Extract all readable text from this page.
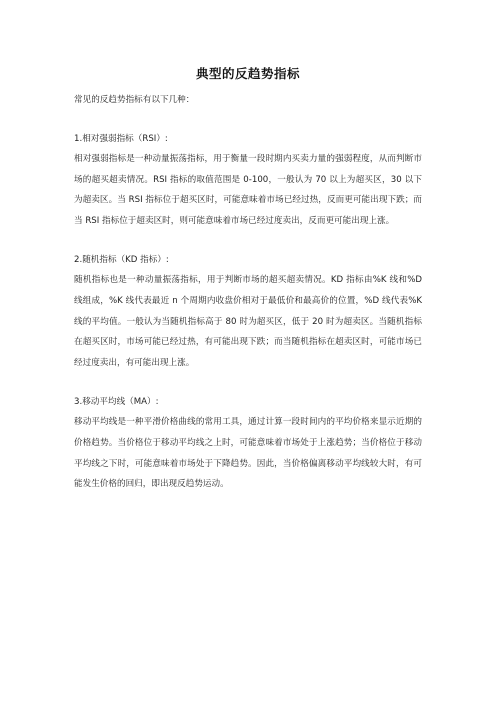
典型的反趋势指标

常见的反趋势指标有以下几种：

1.相对强弱指标（RSI）:

相对强弱指标是一种动量振荡指标，用于衡量一段时期内买卖力量的强弱程度，从而判断市场的超买超卖情况。RSI 指标的取值范围是 0-100，一般认为 70 以上为超买区，30 以下为超卖区。当 RSI 指标位于超买区时，可能意味着市场已经过热，反而更可能出现下跌；而当 RSI 指标位于超卖区时，则可能意味着市场已经过度卖出，反而更可能出现上涨。

2.随机指标（KD 指标）:

随机指标也是一种动量振荡指标，用于判断市场的超买超卖情况。KD 指标由%K 线和%D 线组成，%K 线代表最近 n 个周期内收盘价相对于最低价和最高价的位置，%D 线代表%K 线的平均值。一般认为当随机指标高于 80 时为超买区，低于 20 时为超卖区。当随机指标在超买区时，市场可能已经过热，有可能出现下跌；而当随机指标在超卖区时，可能市场已经过度卖出，有可能出现上涨。

3.移动平均线（MA）:

移动平均线是一种平滑价格曲线的常用工具，通过计算一段时间内的平均价格来显示近期的价格趋势。当价格位于移动平均线之上时，可能意味着市场处于上涨趋势；当价格位于移动平均线之下时，可能意味着市场处于下降趋势。因此，当价格偏离移动平均线较大时，有可能发生价格的回归，即出现反趋势运动。
